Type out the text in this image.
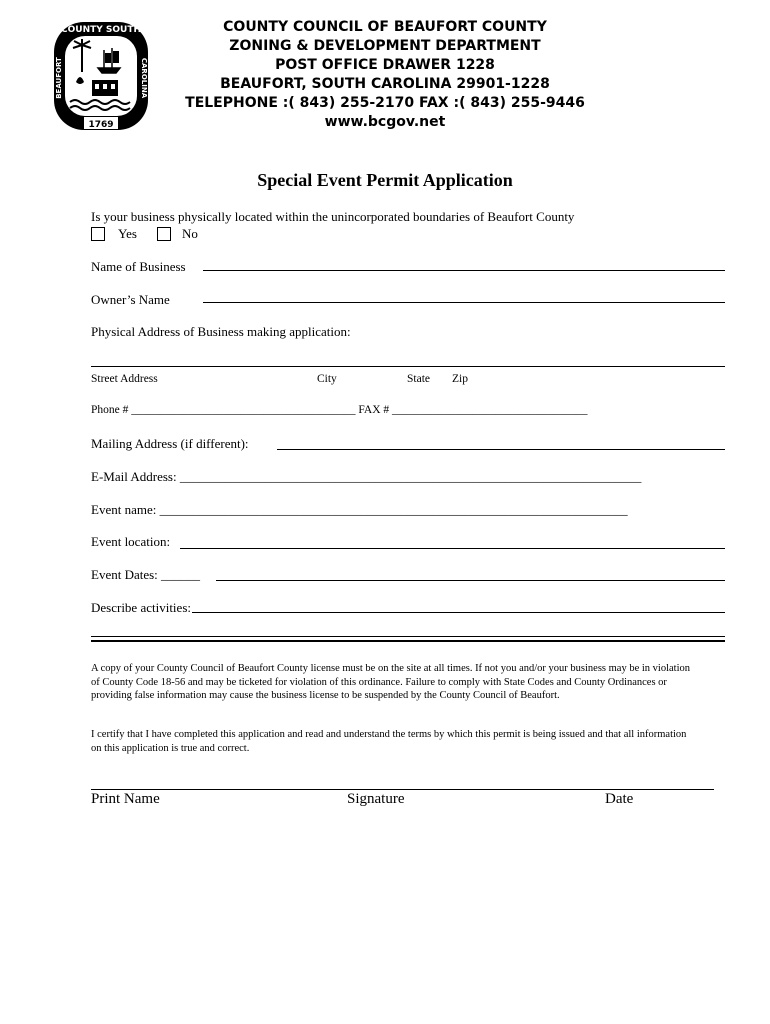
COUNTY SOUTH
BEAUFORT	CAROLINA
1769
COUNTY COUNCIL OF BEAUFORT COUNTY
ZONING & DEVELOPMENT DEPARTMENT
POST OFFICE DRAWER 1228
BEAUFORT, SOUTH CAROLINA 29901-1228
TELEPHONE :( 843) 255-2170 FAX :( 843) 255-9446
www.bcgov.net
Special Event Permit Application
Is your business physically located within the unincorporated boundaries of Beaufort County
Yes	No
Name of Business
Owner’s Name
Physical Address of Business making application:
Street Address	City	State Zip
Phone # _______________________________________ FAX # __________________________________
Mailing Address (if different):
E-Mail Address: _______________________________________________________________________
Event name: ________________________________________________________________________
Event location:
Event Dates: ______
Describe activities:
A copy of your County Council of Beaufort County license must be on the site at all times. If not you and/or your business may be in violation of County Code 18-56 and may be ticketed for violation of this ordinance. Failure to comply with State Codes and County Ordinances or providing false information may cause the business license to be suspended by the County Council of Beaufort.
I certify that I have completed this application and read and understand the terms by which this permit is being issued and that all information on this application is true and correct.
Print Name	Signature	Date
